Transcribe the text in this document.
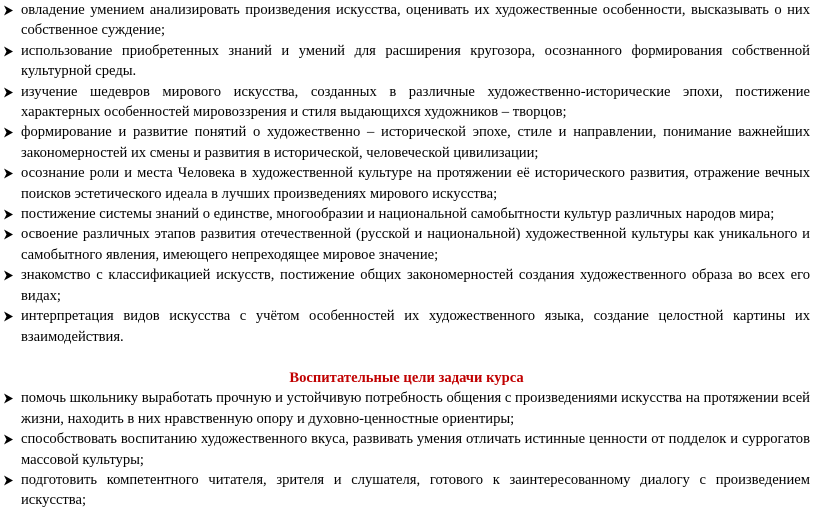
овладение умением анализировать произведения искусства, оценивать их художественные особенности, высказывать о них собственное суждение;
использование приобретенных знаний и умений для расширения кругозора, осознанного формирования собственной культурной среды.
изучение шедевров мирового искусства, созданных в различные художественно-исторические эпохи, постижение характерных особенностей мировоззрения и стиля выдающихся художников – творцов;
формирование и развитие понятий о художественно – исторической эпохе, стиле и направлении, понимание важнейших закономерностей их смены и развития в исторической, человеческой цивилизации;
осознание роли и места Человека в художественной культуре на протяжении её исторического развития, отражение вечных поисков эстетического идеала в лучших произведениях мирового искусства;
постижение системы знаний о единстве, многообразии и национальной самобытности культур различных народов мира;
освоение различных этапов развития отечественной (русской и национальной) художественной культуры как уникального и самобытного явления, имеющего непреходящее мировое значение;
знакомство с классификацией искусств, постижение общих закономерностей создания художественного образа во всех его видах;
интерпретация видов искусства с учётом особенностей их художественного языка, создание целостной картины их взаимодействия.
Воспитательные цели задачи курса
помочь школьнику выработать прочную и устойчивую потребность общения с произведениями искусства на протяжении всей жизни, находить в них нравственную опору и духовно-ценностные ориентиры;
способствовать воспитанию художественного вкуса, развивать умения отличать истинные ценности от подделок и суррогатов массовой культуры;
подготовить компетентного читателя, зрителя и слушателя, готового к заинтересованному диалогу с произведением искусства;
